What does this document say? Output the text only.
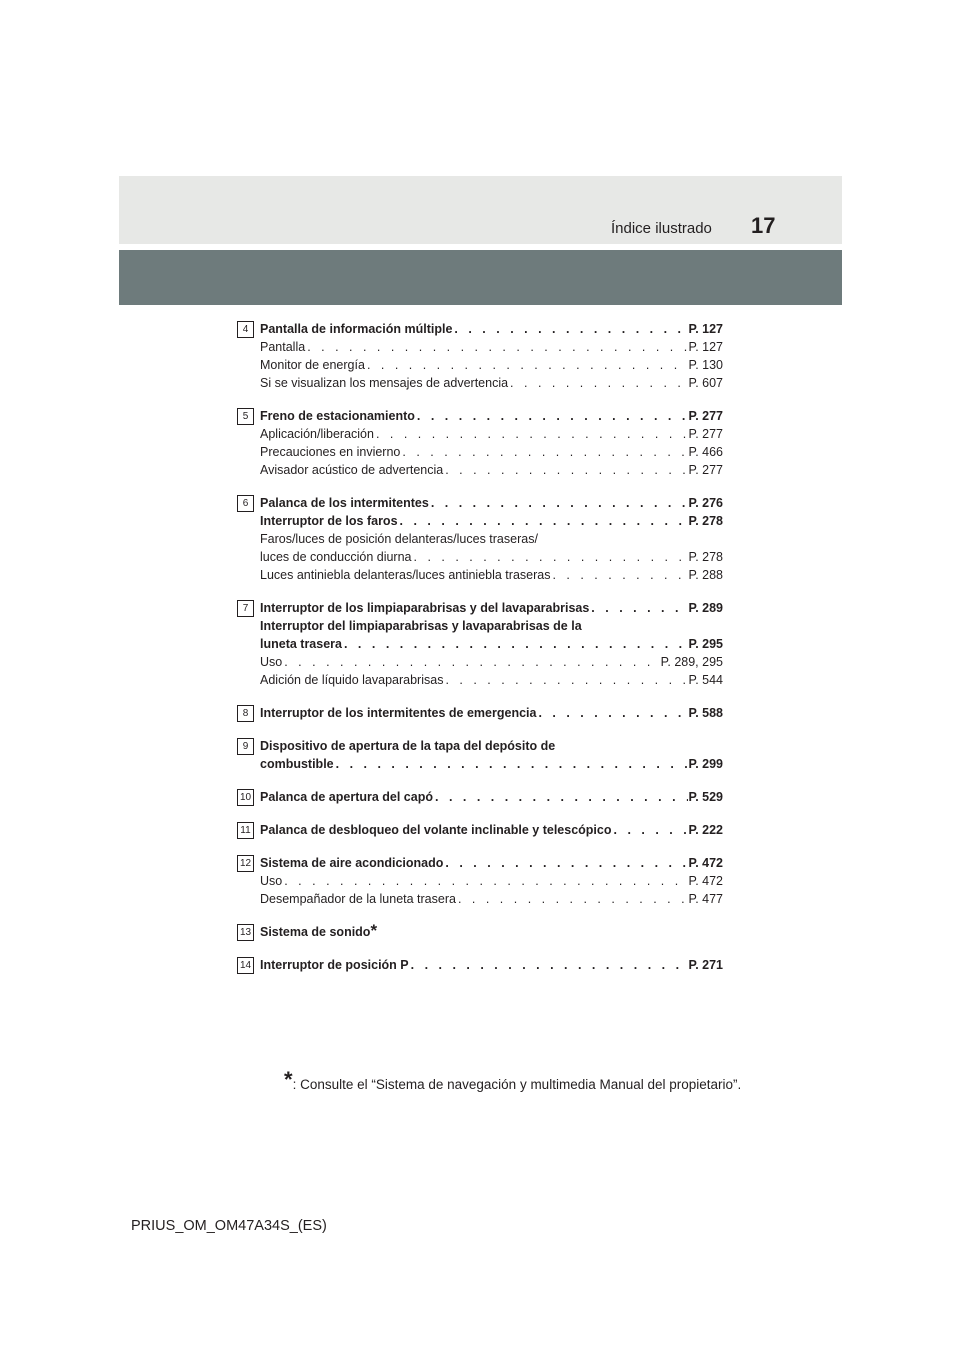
Índice ilustrado 17
4 Pantalla de información múltiple . . .	P. 127
Pantalla . . .	P. 127
Monitor de energía . . .	P. 130
Si se visualizan los mensajes de advertencia . . .	P. 607
5 Freno de estacionamiento . . .	P. 277
Aplicación/liberación . . .	P. 277
Precauciones en invierno . . .	P. 466
Avisador acústico de advertencia . . .	P. 277
6 Palanca de los intermitentes . . .	P. 276
Interruptor de los faros . . .	P. 278
Faros/luces de posición delanteras/luces traseras/
luces de conducción diurna . . .	P. 278
Luces antiniebla delanteras/luces antiniebla traseras . . .	P. 288
7 Interruptor de los limpiaparabrisas y del lavaparabrisas . . .	P. 289
Interruptor del limpiaparabrisas y lavaparabrisas de la
luneta trasera . . .	P. 295
Uso . . .	P. 289, 295
Adición de líquido lavaparabrisas . . .	P. 544
8 Interruptor de los intermitentes de emergencia . . .	P. 588
9 Dispositivo de apertura de la tapa del depósito de
combustible . . .	P. 299
10 Palanca de apertura del capó . . .	P. 529
11 Palanca de desbloqueo del volante inclinable y telescópico . . .	P. 222
12 Sistema de aire acondicionado . . .	P. 472
Uso . . .	P. 472
Desempañador de la luneta trasera . . .	P. 477
13 Sistema de sonido *
14 Interruptor de posición P . . .	P. 271
*: Consulte el “Sistema de navegación y multimedia Manual del propietario”.
PRIUS_OM_OM47A34S_(ES)
